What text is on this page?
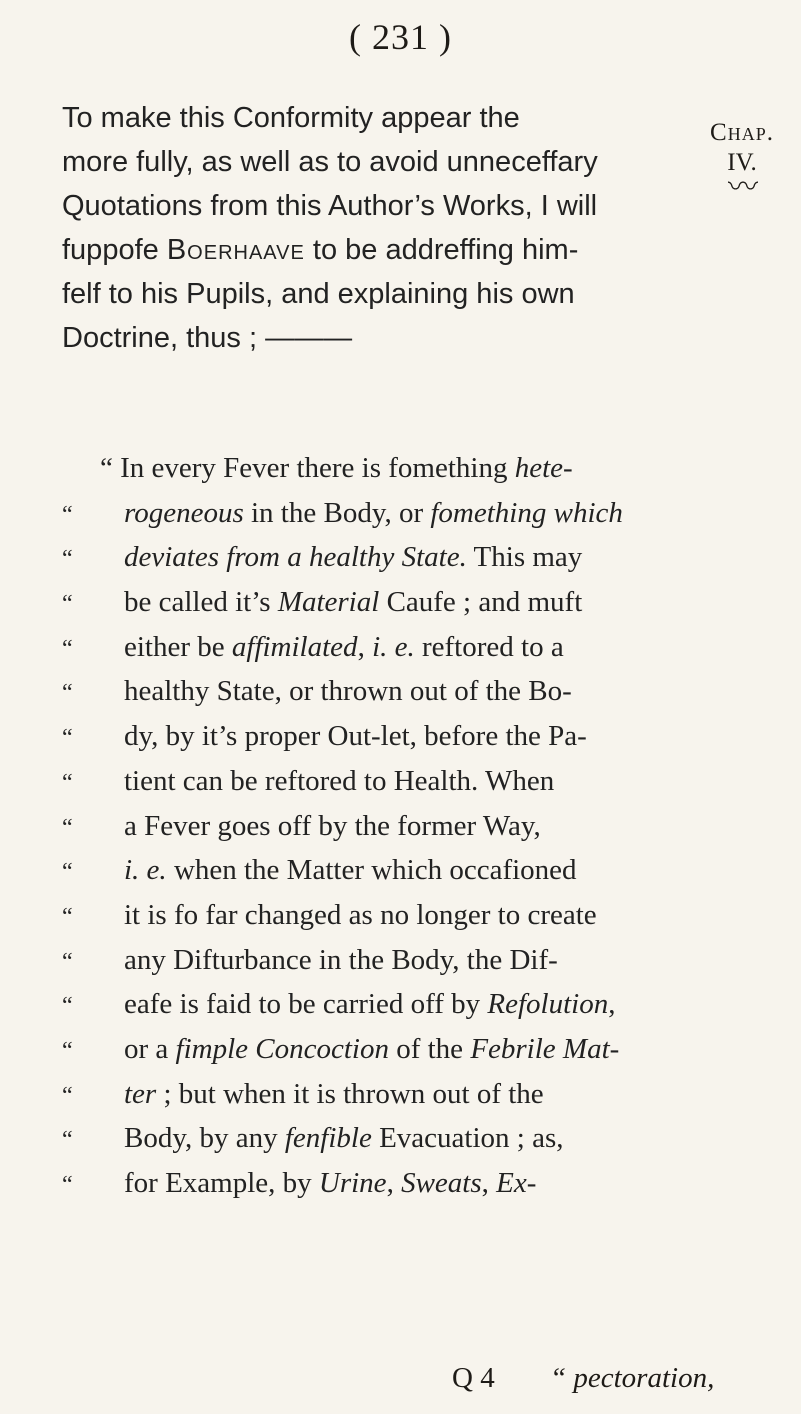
( 231 )
Chap.
IV.
〰
To make this Conformity appear the
more fully, as well as to avoid unneceffary
Quotations from this Author’s Works, I will
fuppofe Boerhaave to be addreffing him-
felf to his Pupils, and explaining his own
Doctrine, thus ; ———
“ In every Fever there is fomething hete-
“ rogeneous in the Body, or fomething which
“ deviates from a healthy State. This may
“ be called it’s Material Caufe ; and muft
“ either be affimilated, i. e. reftored to a
“ healthy State, or thrown out of the Bo-
“ dy, by it’s proper Out-let, before the Pa-
“ tient can be reftored to Health. When
“ a Fever goes off by the former Way,
“ i. e. when the Matter which occafioned
“ it is fo far changed as no longer to create
“ any Difturbance in the Body, the Dif-
“ eafe is faid to be carried off by Refolution,
“ or a fimple Concoction of the Febrile Mat-
“ ter ; but when it is thrown out of the
“ Body, by any fenfible Evacuation ; as,
“ for Example, by Urine, Sweats, Ex-
Q 4 “ pectoration,
